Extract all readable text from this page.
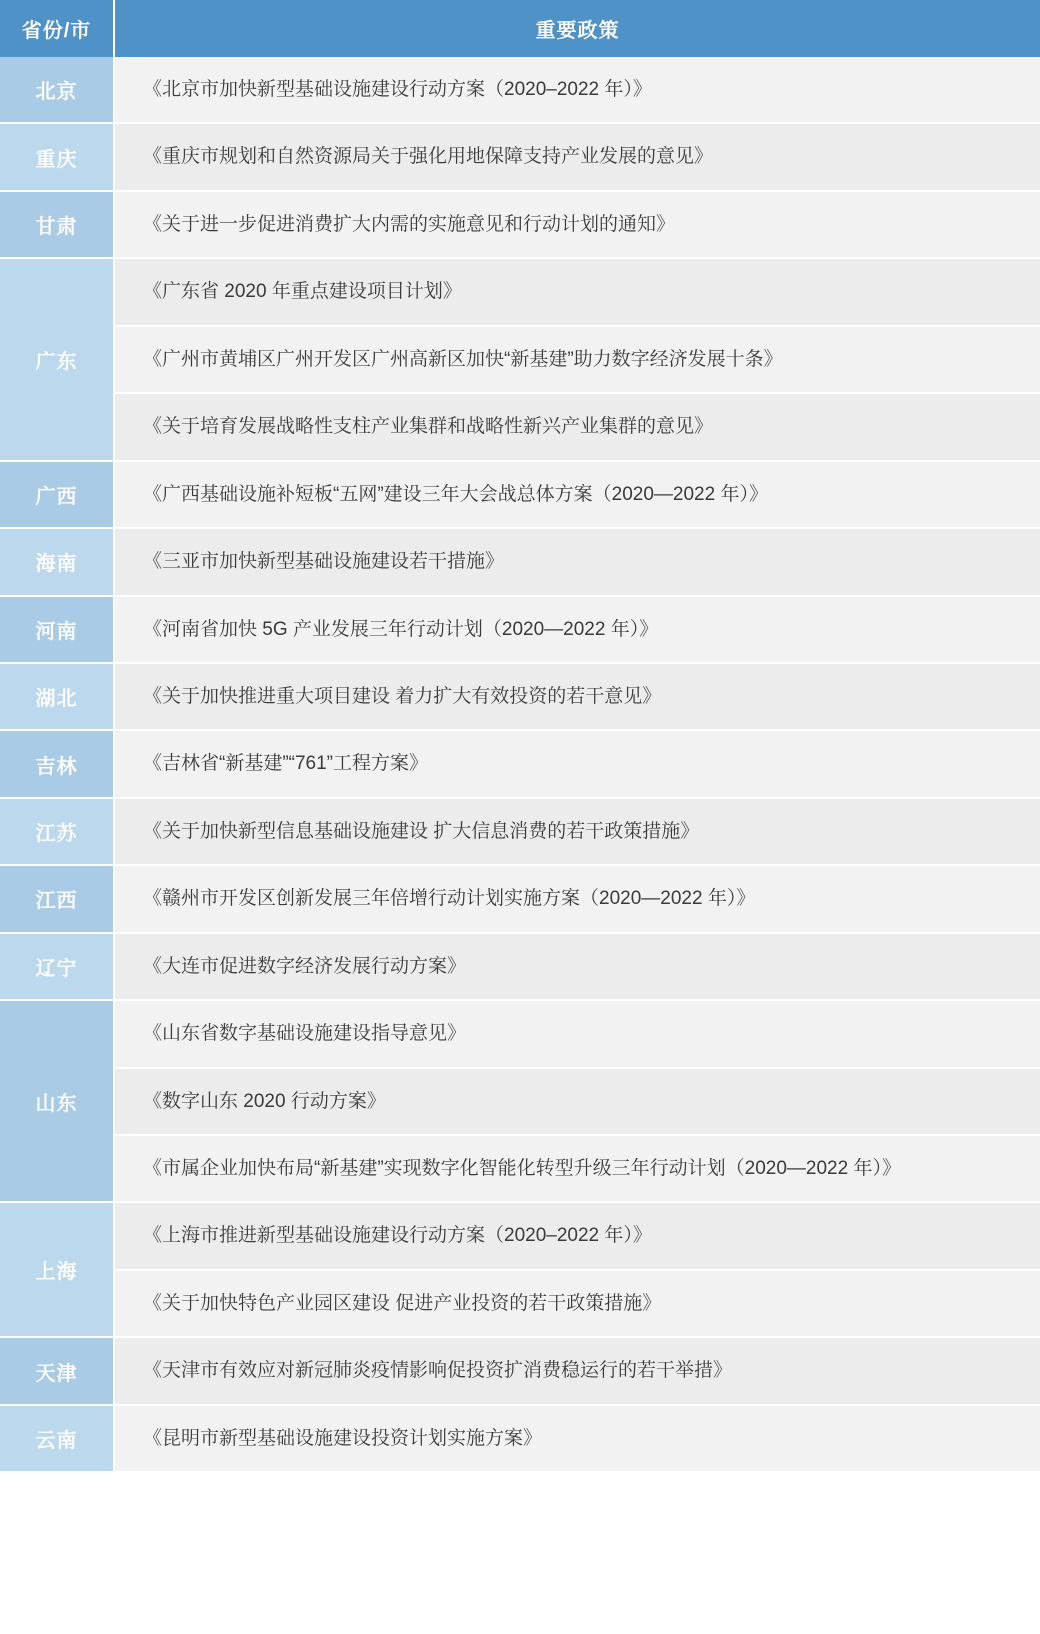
省份/市	重要政策
北京	《北京市加快新型基础设施建设行动方案（2020–2022 年）》
重庆	《重庆市规划和自然资源局关于强化用地保障支持产业发展的意见》
甘肃	《关于进一步促进消费扩大内需的实施意见和行动计划的通知》
广东	《广东省 2020 年重点建设项目计划》
	《广州市黄埔区广州开发区广州高新区加快“新基建”助力数字经济发展十条》
	《关于培育发展战略性支柱产业集群和战略性新兴产业集群的意见》
广西	《广西基础设施补短板“五网”建设三年大会战总体方案（2020—2022 年）》
海南	《三亚市加快新型基础设施建设若干措施》
河南	《河南省加快 5G 产业发展三年行动计划（2020—2022 年）》
湖北	《关于加快推进重大项目建设 着力扩大有效投资的若干意见》
吉林	《吉林省“新基建”“761”工程方案》
江苏	《关于加快新型信息基础设施建设 扩大信息消费的若干政策措施》
江西	《赣州市开发区创新发展三年倍增行动计划实施方案（2020—2022 年）》
辽宁	《大连市促进数字经济发展行动方案》
山东	《山东省数字基础设施建设指导意见》
	《数字山东 2020 行动方案》
	《市属企业加快布局“新基建”实现数字化智能化转型升级三年行动计划（2020—2022 年）》
上海	《上海市推进新型基础设施建设行动方案（2020–2022 年）》
	《关于加快特色产业园区建设 促进产业投资的若干政策措施》
天津	《天津市有效应对新冠肺炎疫情影响促投资扩消费稳运行的若干举措》
云南	《昆明市新型基础设施建设投资计划实施方案》
